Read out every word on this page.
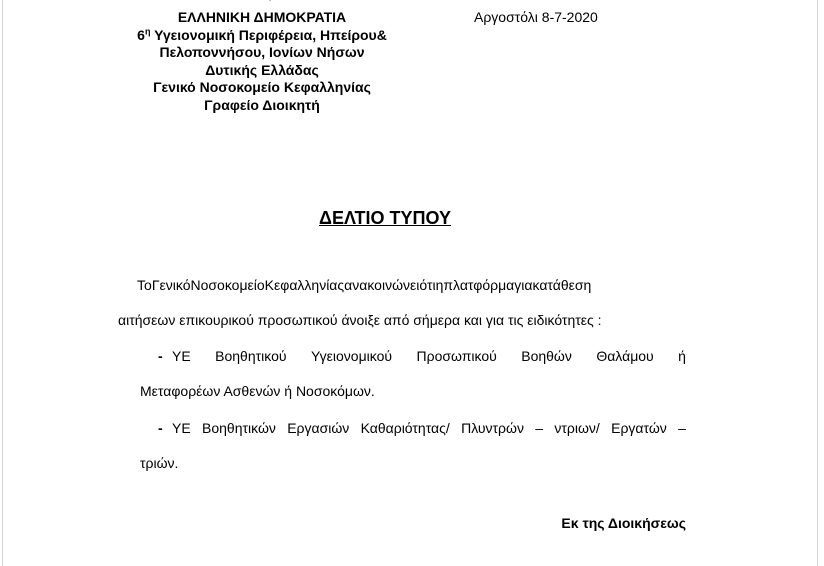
ΕΛΛΗΝΙΚΗ ΔΗΜΟΚΡΑΤΙΑ
$6^\eta$ Υγειονομική Περιφέρεια, Ηπείρου&
Πελοποννήσου, Ιονίων Νήσων
Δυτικής Ελλάδας
Γενικό Νοσοκομείο Κεφαλληνίας
Γραφείο Διοικητή
Αργοστόλι 8-7-2020
ΔΕΛΤΙΟ ΤΥΠΟΥ
ΤοΓενικόΝοσοκομείοΚεφαλληνίαςανακοινώνειότιηπλατφόρμαγιακατάθεση
αιτήσεων επικουρικού προσωπικού άνοιξε από σήμερα και για τις ειδικότητες :
- ΥΕ Βοηθητικού Υγειονομικού Προσωπικού Βοηθών Θαλάμου ή
Μεταφορέων Ασθενών ή Νοσοκόμων.
- ΥΕ Βοηθητικών Εργασιών Καθαριότητας/ Πλυντρών – ντριων/ Εργατών –
τριών.
Εκ της Διοικήσεως
